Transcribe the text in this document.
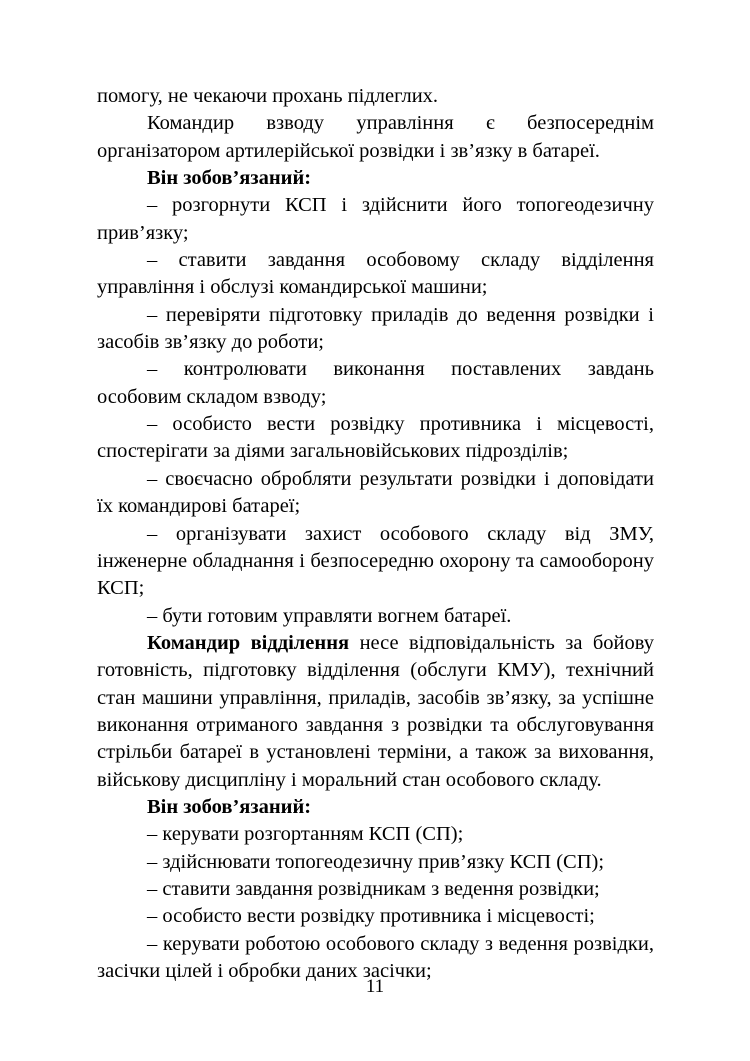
помогу, не чекаючи прохань підлеглих.

Командир взводу управління є безпосереднім організатором артилерійської розвідки і зв’язку в батареї.

Він зобов’язаний:

– розгорнути КСП і здійснити його топогеодезичну прив’язку;

– ставити завдання особовому складу відділення управління і обслузі командирської машини;

– перевіряти підготовку приладів до ведення розвідки і засобів зв’язку до роботи;

– контролювати виконання поставлених завдань особовим складом взводу;

– особисто вести розвідку противника і місцевості, спостерігати за діями загальновійськових підрозділів;

– своєчасно обробляти результати розвідки і доповідати їх командирові батареї;

– організувати захист особового складу від ЗМУ, інженерне обладнання і безпосередню охорону та самооборону КСП;

– бути готовим управляти вогнем батареї.

Командир відділення несе відповідальність за бойову готовність, підготовку відділення (обслуги КМУ), технічний стан машини управління, приладів, засобів зв’язку, за успішне виконання отриманого завдання з розвідки та обслуговування стрільби батареї в установлені терміни, а також за виховання, військову дисципліну і моральний стан особового складу.

Він зобов’язаний:

– керувати розгортанням КСП (СП);

– здійснювати топогеодезичну прив’язку КСП (СП);

– ставити завдання розвідникам з ведення розвідки;

– особисто вести розвідку противника і місцевості;

– керувати роботою особового складу з ведення розвідки, засічки цілей і обробки даних засічки;

11
